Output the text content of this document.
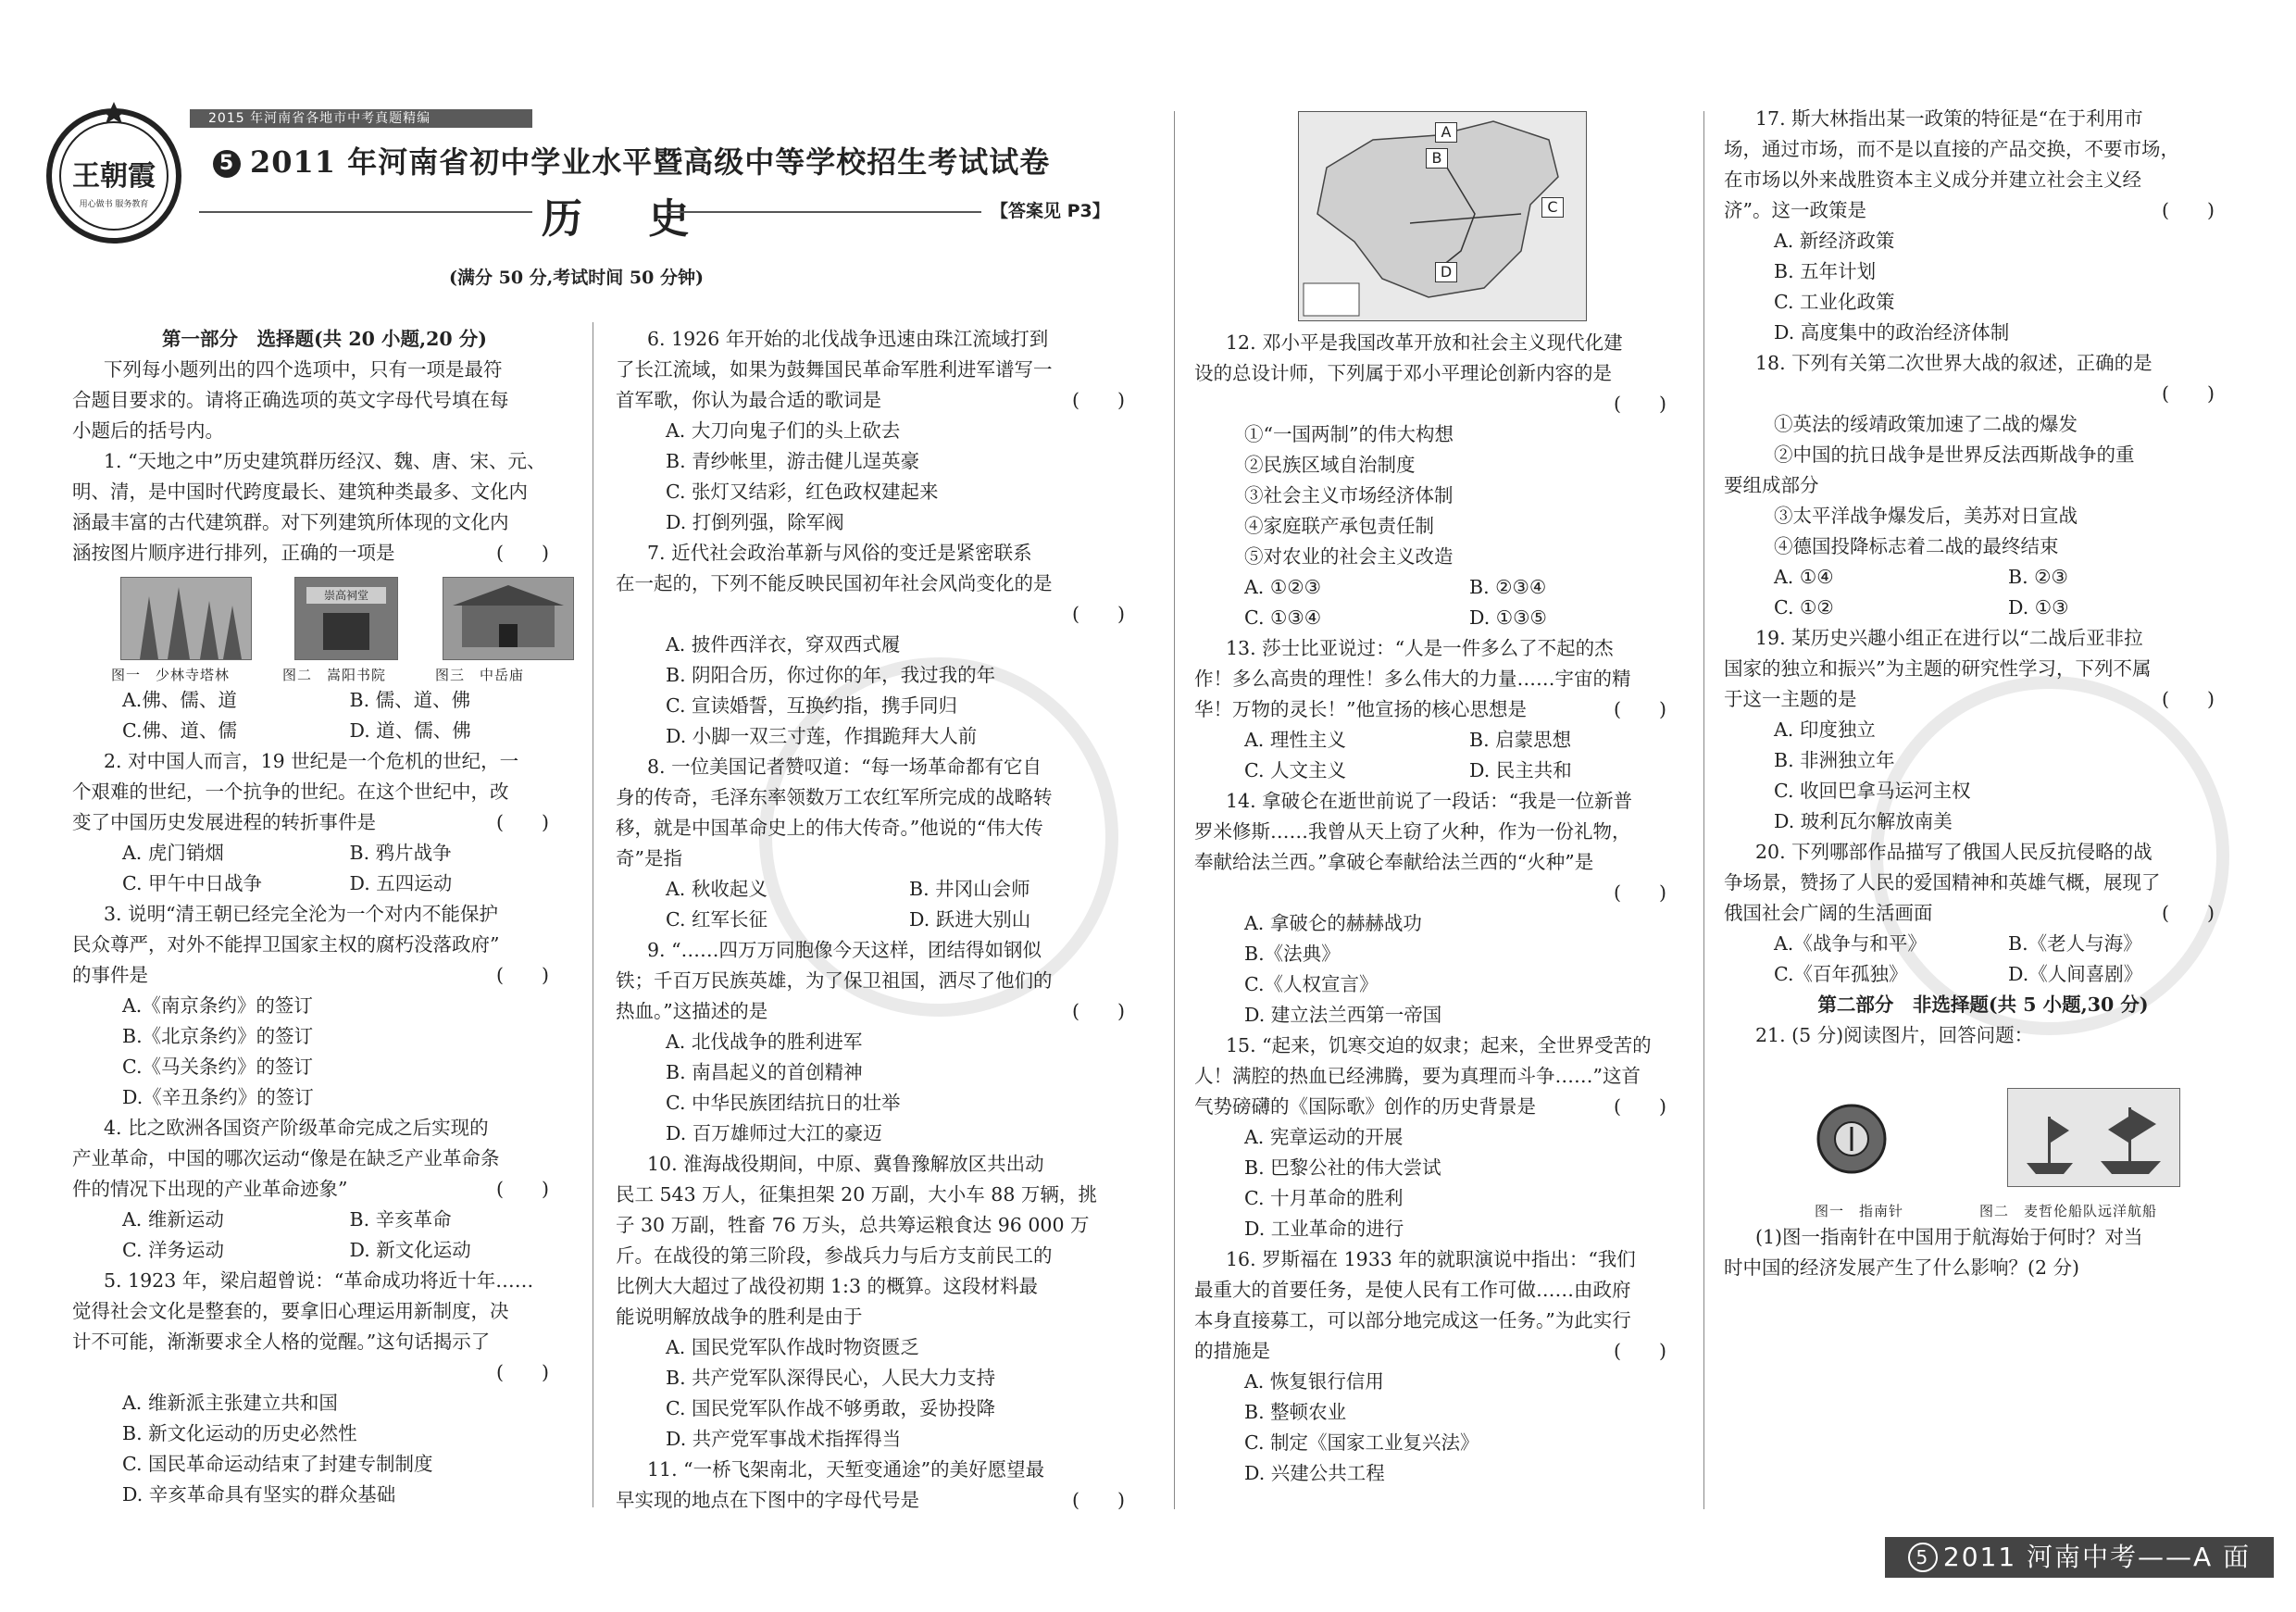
2015 年河南省各地市中考真题精编
王朝霞
用心做书 服务教育
5 2011 年河南省初中学业水平暨高级中等学校招生考试试卷
历 史	【答案见 P3】
(满分 50 分,考试时间 50 分钟)

第一部分　选择题(共 20 小题,20 分)

下列每小题列出的四个选项中，只有一项是最符

合题目要求的。请将正确选项的英文字母代号填在每

小题后的括号内。

1. “天地之中”历史建筑群历经汉、魏、唐、宋、元、

明、清，是中国时代跨度最长、建筑种类最多、文化内

涵最丰富的古代建筑群。对下列建筑所体现的文化内

涵按图片顺序进行排列，正确的一项是	(　　)

崇高祠堂
图一　少林寺塔林	图二　嵩阳书院	图三　中岳庙

A.佛、儒、道	B. 儒、道、佛

C.佛、道、儒	D. 道、儒、佛

2. 对中国人而言，19 世纪是一个危机的世纪，一

个艰难的世纪，一个抗争的世纪。在这个世纪中，改

变了中国历史发展进程的转折事件是	(　　)

A. 虎门销烟	B. 鸦片战争

C. 甲午中日战争	D. 五四运动

3. 说明“清王朝已经完全沦为一个对内不能保护

民众尊严，对外不能捍卫国家主权的腐朽没落政府”

的事件是	(　　)

A.《南京条约》的签订

B.《北京条约》的签订

C.《马关条约》的签订

D.《辛丑条约》的签订

4. 比之欧洲各国资产阶级革命完成之后实现的

产业革命，中国的哪次运动“像是在缺乏产业革命条

件的情况下出现的产业革命迹象”	(　　)

A. 维新运动	B. 辛亥革命

C. 洋务运动	D. 新文化运动

5. 1923 年，梁启超曾说：“革命成功将近十年……

觉得社会文化是整套的，要拿旧心理运用新制度，决

计不可能，渐渐要求全人格的觉醒。”这句话揭示了

(　　)

A. 维新派主张建立共和国

B. 新文化运动的历史必然性

C. 国民革命运动结束了封建专制制度

D. 辛亥革命具有坚实的群众基础

6. 1926 年开始的北伐战争迅速由珠江流域打到

了长江流域，如果为鼓舞国民革命军胜利进军谱写一

首军歌，你认为最合适的歌词是	(　　)

A. 大刀向鬼子们的头上砍去

B. 青纱帐里，游击健儿逞英豪

C. 张灯又结彩，红色政权建起来

D. 打倒列强，除军阀

7. 近代社会政治革新与风俗的变迁是紧密联系

在一起的，下列不能反映民国初年社会风尚变化的是

(　　)

A. 披件西洋衣，穿双西式履

B. 阴阳合历，你过你的年，我过我的年

C. 宣读婚誓，互换约指，携手同归

D. 小脚一双三寸莲，作揖跪拜大人前

8. 一位美国记者赞叹道：“每一场革命都有它自

身的传奇，毛泽东率领数万工农红军所完成的战略转

移，就是中国革命史上的伟大传奇。”他说的“伟大传

奇”是指

A. 秋收起义	B. 井冈山会师

C. 红军长征	D. 跃进大别山

9. “……四万万同胞像今天这样，团结得如钢似

铁；千百万民族英雄，为了保卫祖国，洒尽了他们的

热血。”这描述的是	(　　)

A. 北伐战争的胜利进军

B. 南昌起义的首创精神

C. 中华民族团结抗日的壮举

D. 百万雄师过大江的豪迈

10. 淮海战役期间，中原、冀鲁豫解放区共出动

民工 543 万人，征集担架 20 万副，大小车 88 万辆，挑

子 30 万副，牲畜 76 万头，总共筹运粮食达 96 000 万

斤。在战役的第三阶段，参战兵力与后方支前民工的

比例大大超过了战役初期 1:3 的概算。这段材料最

能说明解放战争的胜利是由于

A. 国民党军队作战时物资匮乏

B. 共产党军队深得民心，人民大力支持

C. 国民党军队作战不够勇敢，妥协投降

D. 共产党军事战术指挥得当

11. “一桥飞架南北，天堑变通途”的美好愿望最

早实现的地点在下图中的字母代号是	(　　)

A
B
C
D

12. 邓小平是我国改革开放和社会主义现代化建

设的总设计师，下列属于邓小平理论创新内容的是

(　　)

①“一国两制”的伟大构想

②民族区域自治制度

③社会主义市场经济体制

④家庭联产承包责任制

⑤对农业的社会主义改造

A. ①②③	B. ②③④

C. ①③④	D. ①③⑤

13. 莎士比亚说过：“人是一件多么了不起的杰

作！多么高贵的理性！多么伟大的力量……宇宙的精

华！万物的灵长！”他宣扬的核心思想是	(　　)

A. 理性主义	B. 启蒙思想

C. 人文主义	D. 民主共和

14. 拿破仑在逝世前说了一段话：“我是一位新普

罗米修斯……我曾从天上窃了火种，作为一份礼物，

奉献给法兰西。”拿破仑奉献给法兰西的“火种”是

(　　)

A. 拿破仑的赫赫战功

B.《法典》

C.《人权宣言》

D. 建立法兰西第一帝国

15. “起来，饥寒交迫的奴隶；起来，全世界受苦的

人！满腔的热血已经沸腾，要为真理而斗争……”这首

气势磅礴的《国际歌》创作的历史背景是	(　　)

A. 宪章运动的开展

B. 巴黎公社的伟大尝试

C. 十月革命的胜利

D. 工业革命的进行

16. 罗斯福在 1933 年的就职演说中指出：“我们

最重大的首要任务，是使人民有工作可做……由政府

本身直接募工，可以部分地完成这一任务。”为此实行

的措施是	(　　)

A. 恢复银行信用

B. 整顿农业

C. 制定《国家工业复兴法》

D. 兴建公共工程

17. 斯大林指出某一政策的特征是“在于利用市

场，通过市场，而不是以直接的产品交换，不要市场，

在市场以外来战胜资本主义成分并建立社会主义经

济”。这一政策是	(　　)

A. 新经济政策

B. 五年计划

C. 工业化政策

D. 高度集中的政治经济体制

18. 下列有关第二次世界大战的叙述，正确的是

(　　)

①英法的绥靖政策加速了二战的爆发

②中国的抗日战争是世界反法西斯战争的重

要组成部分

③太平洋战争爆发后，美苏对日宣战

④德国投降标志着二战的最终结束

A. ①④	B. ②③

C. ①②	D. ①③

19. 某历史兴趣小组正在进行以“二战后亚非拉

国家的独立和振兴”为主题的研究性学习，下列不属

于这一主题的是	(　　)

A. 印度独立

B. 非洲独立年

C. 收回巴拿马运河主权

D. 玻利瓦尔解放南美

20. 下列哪部作品描写了俄国人民反抗侵略的战

争场景，赞扬了人民的爱国精神和英雄气概，展现了

俄国社会广阔的生活画面	(　　)

A.《战争与和平》	B.《老人与海》

C.《百年孤独》	D.《人间喜剧》

第二部分　非选择题(共 5 小题,30 分)

21. (5 分)阅读图片，回答问题：

图一　指南针	图二　麦哲伦船队远洋航船

(1)图一指南针在中国用于航海始于何时？对当

时中国的经济发展产生了什么影响？(2 分)

5 2011 河南中考——A 面
